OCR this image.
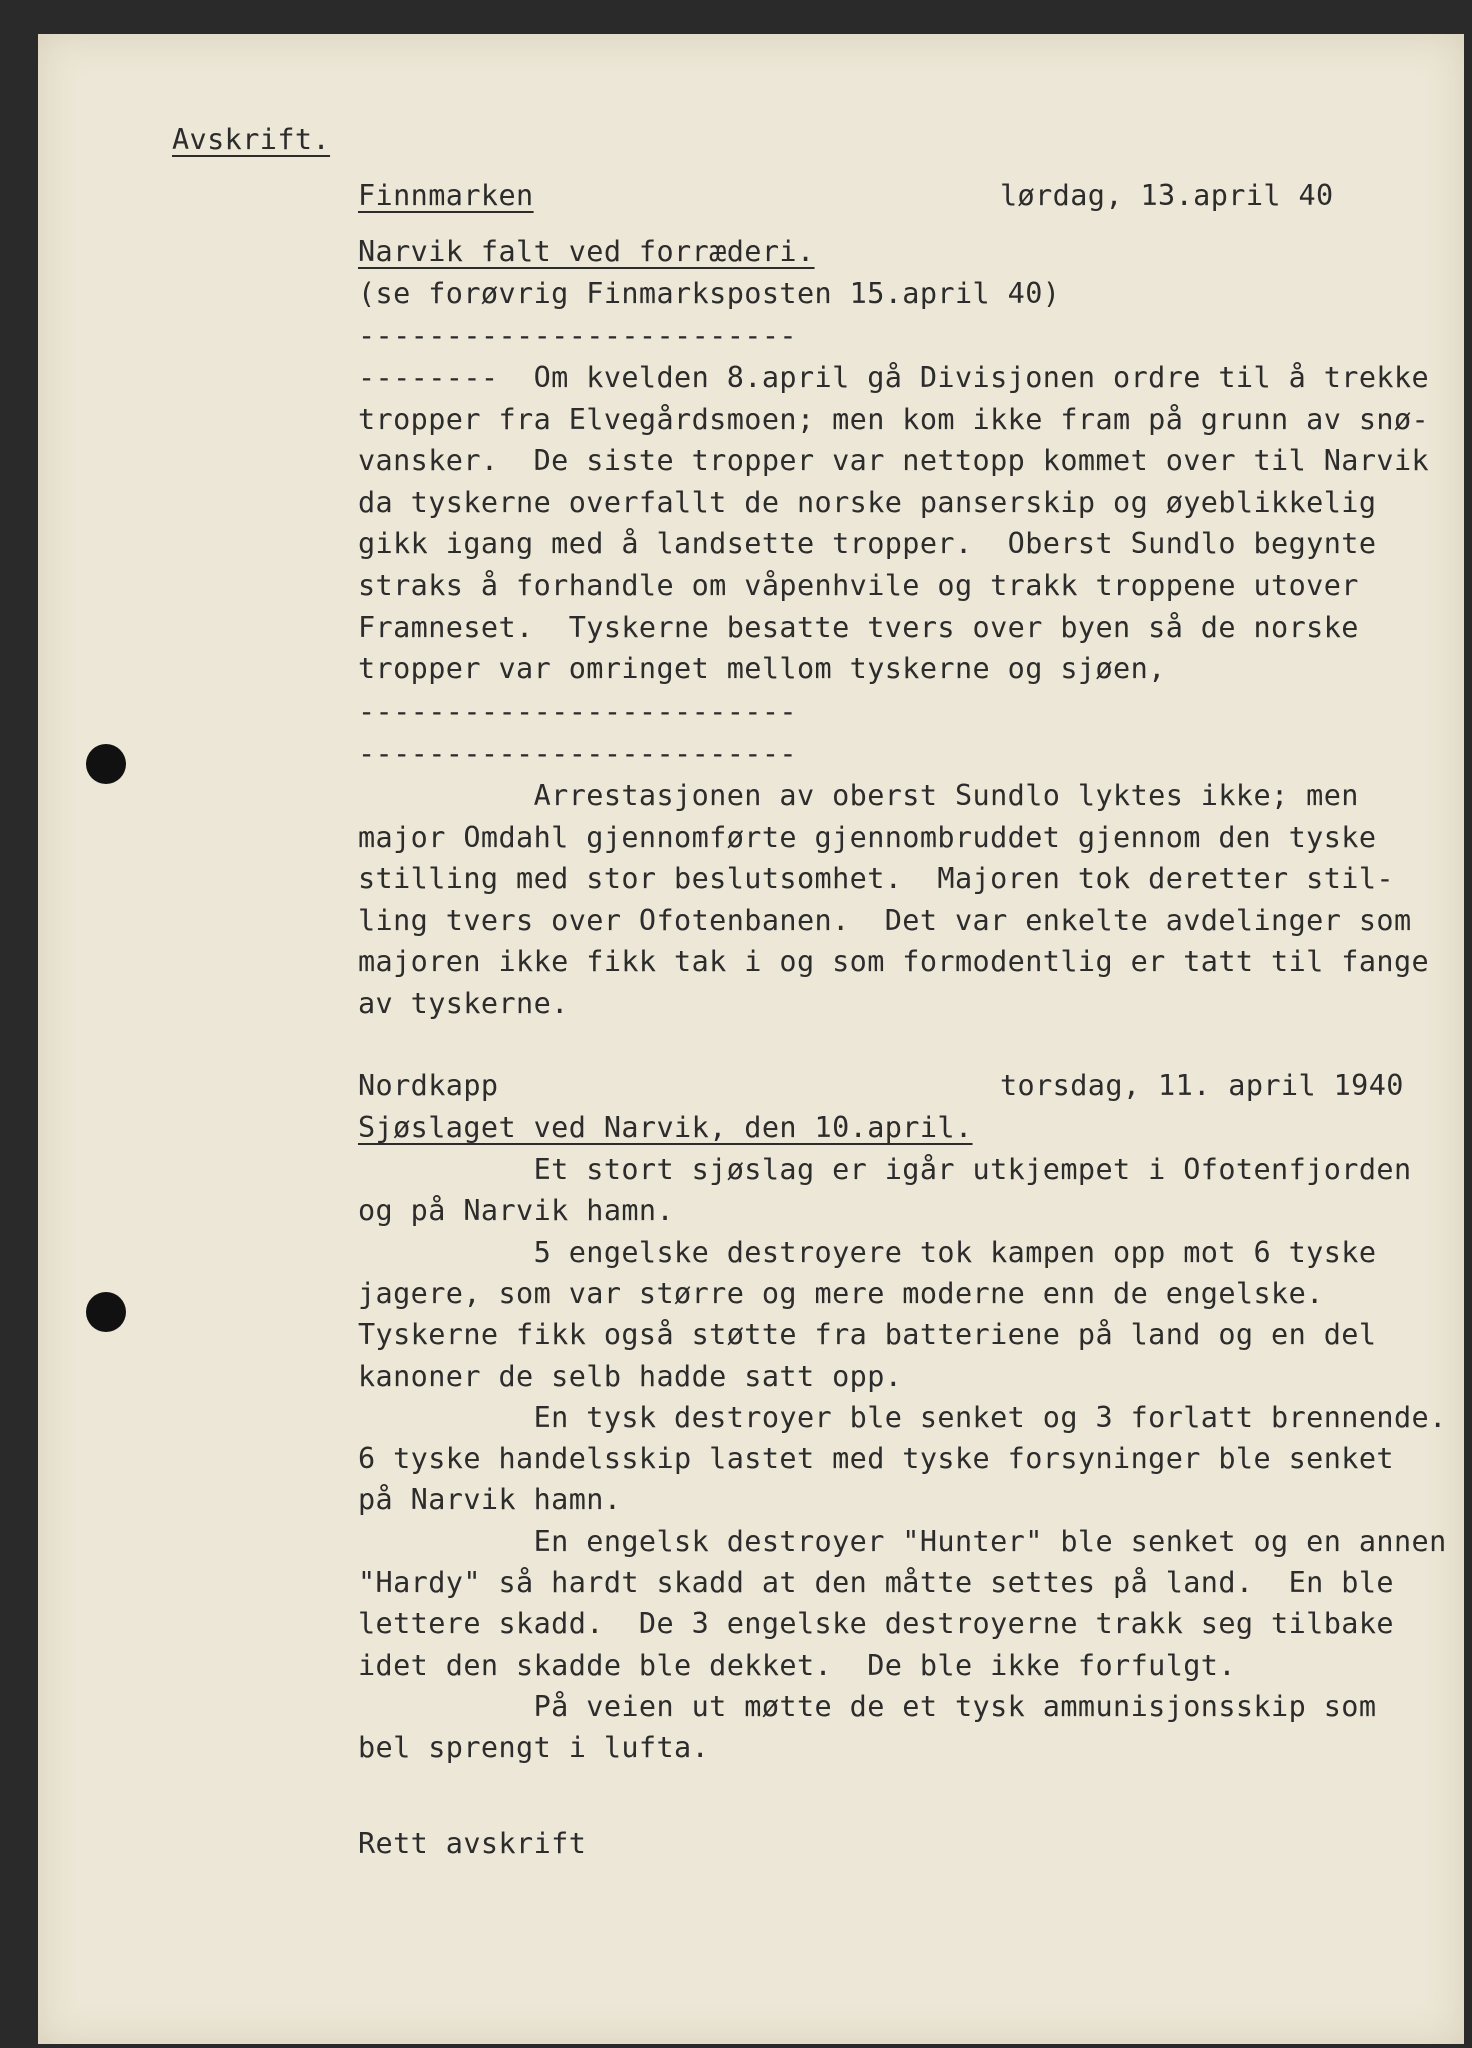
Avskrift.
Finnmarken	lørdag, 13.april 40
Narvik falt ved forræderi.
(se forøvrig Finmarksposten 15.april 40)
-------------------------
--------  Om kvelden 8.april gå Divisjonen ordre til å trekke
tropper fra Elvegårdsmoen; men kom ikke fram på grunn av snø-
vansker.  De siste tropper var nettopp kommet over til Narvik
da tyskerne overfallt de norske panserskip og øyeblikkelig
gikk igang med å landsette tropper.  Oberst Sundlo begynte
straks å forhandle om våpenhvile og trakk troppene utover
Framneset.  Tyskerne besatte tvers over byen så de norske
tropper var omringet mellom tyskerne og sjøen,
-------------------------
-------------------------
Arrestasjonen av oberst Sundlo lyktes ikke; men
major Omdahl gjennomførte gjennombruddet gjennom den tyske
stilling med stor beslutsomhet.  Majoren tok deretter stil-
ling tvers over Ofotenbanen.  Det var enkelte avdelinger som
majoren ikke fikk tak i og som formodentlig er tatt til fange
av tyskerne.
Nordkapp	torsdag, 11. april 1940
Sjøslaget ved Narvik, den 10.april.
Et stort sjøslag er igår utkjempet i Ofotenfjorden
og på Narvik hamn.
5 engelske destroyere tok kampen opp mot 6 tyske
jagere, som var større og mere moderne enn de engelske.
Tyskerne fikk også støtte fra batteriene på land og en del
kanoner de selb hadde satt opp.
En tysk destroyer ble senket og 3 forlatt brennende.
6 tyske handelsskip lastet med tyske forsyninger ble senket
på Narvik hamn.
En engelsk destroyer "Hunter" ble senket og en annen
"Hardy" så hardt skadd at den måtte settes på land.  En ble
lettere skadd.  De 3 engelske destroyerne trakk seg tilbake
idet den skadde ble dekket.  De ble ikke forfulgt.
På veien ut møtte de et tysk ammunisjonsskip som
bel sprengt i lufta.
Rett avskrift
